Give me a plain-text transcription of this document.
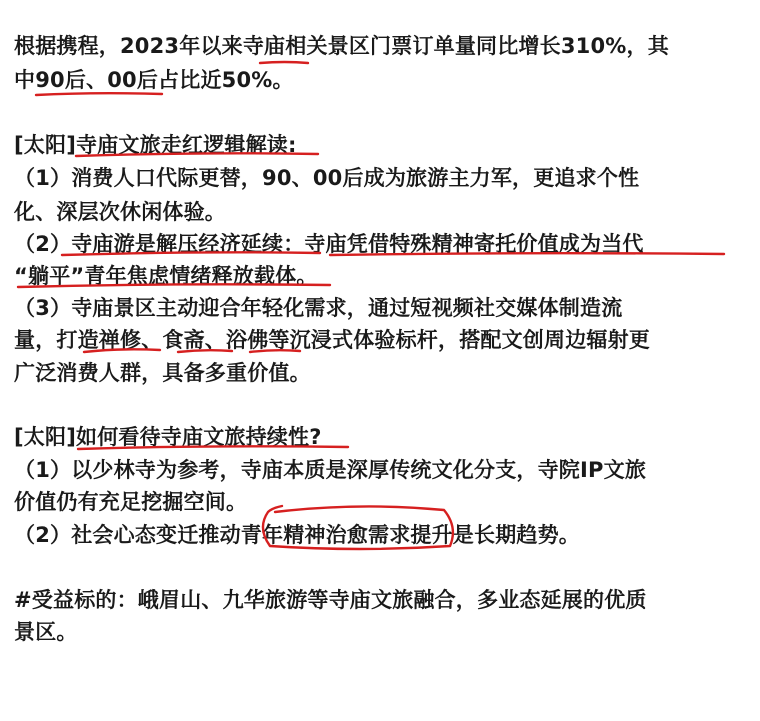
根据携程，2023年以来寺庙相关景区门票订单量同比增长310%，其
中90后、00后占比近50%。
[太阳]寺庙文旅走红逻辑解读:
（1）消费人口代际更替，90、00后成为旅游主力军，更追求个性
化、深层次休闲体验。
（2）寺庙游是解压经济延续：寺庙凭借特殊精神寄托价值成为当代
“躺平”青年焦虑情绪释放载体。
（3）寺庙景区主动迎合年轻化需求，通过短视频社交媒体制造流
量，打造禅修、食斋、浴佛等沉浸式体验标杆，搭配文创周边辐射更
广泛消费人群，具备多重价值。
[太阳]如何看待寺庙文旅持续性?
（1）以少林寺为参考，寺庙本质是深厚传统文化分支，寺院IP文旅
价值仍有充足挖掘空间。
（2）社会心态变迁推动青年精神治愈需求提升是长期趋势。
#受益标的：峨眉山、九华旅游等寺庙文旅融合，多业态延展的优质
景区。
